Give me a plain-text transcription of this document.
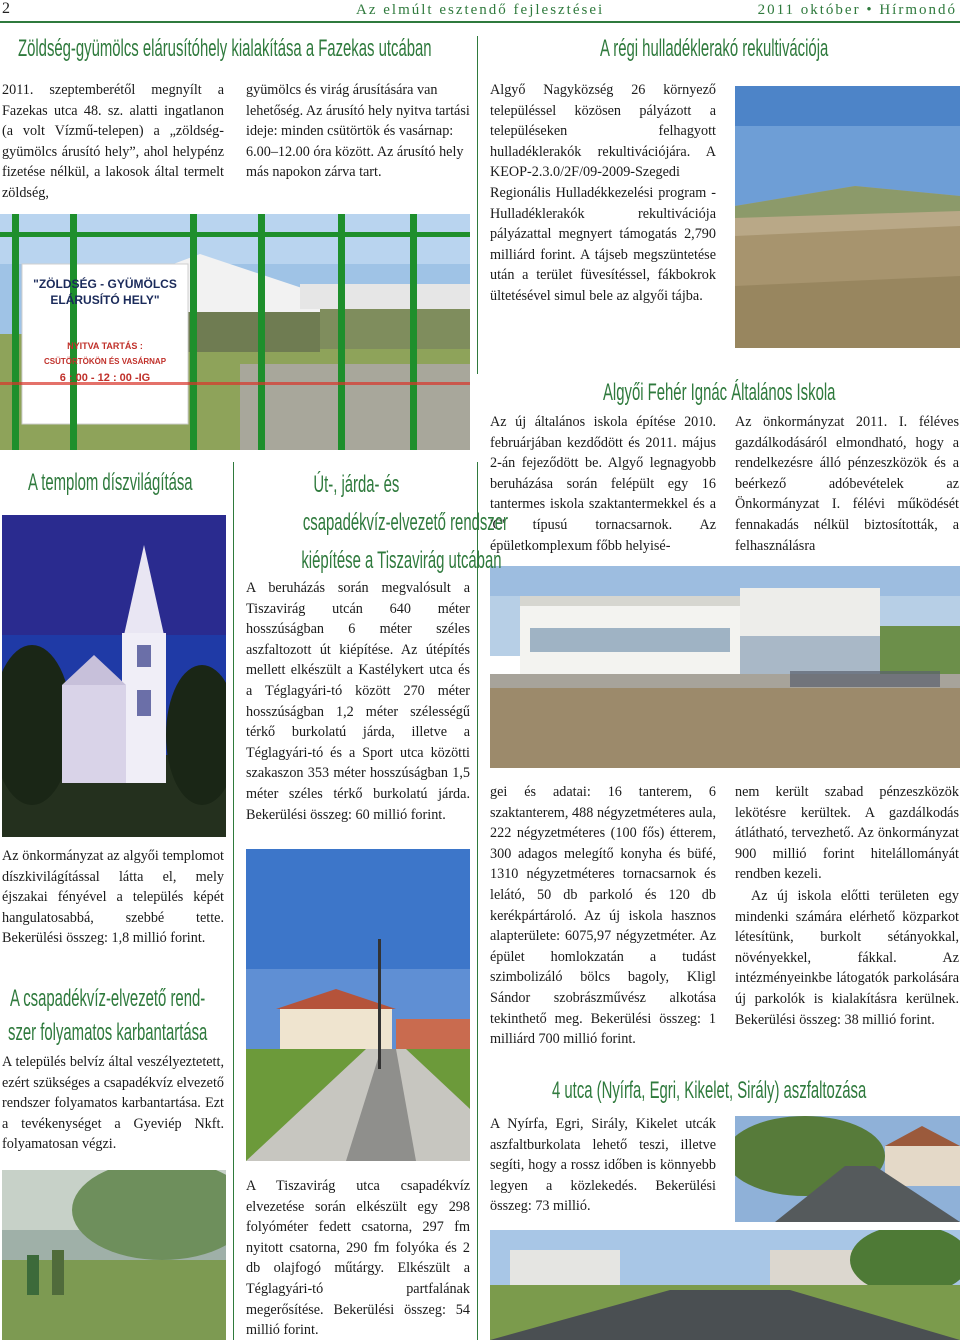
2	Az elmúlt esztendő fejlesztései	2011 október • Hírmondó
Zöldség-gyümölcs elárusítóhely kialakítása a Fazekas utcában

2011. szeptemberétől megnyílt a Fazekas utca 48. sz. alatti ingatlanon (a volt Vízmű-telepen) a „zöldség-gyümölcs árusító hely”, ahol helypénz fizetése nélkül, a lakosok által termelt zöldség,

gyümölcs és virág árusítására van lehetőség. Az árusító hely nyitva tartási ideje: minden csütörtök és vasárnap: 6.00–12.00 óra között. Az árusító hely más napokon zárva tart.

"ZÖLDSÉG - GYÜMÖLCS
ELÁRUSÍTÓ HELY"
NYITVA TARTÁS :
CSÜTÖRTÖKÖN ÉS VASÁRNAP
6 : 00 - 12 : 00 -IG
A régi hulladéklerakó rekultivációja

Algyő Nagyközség 26 környező településsel közösen pályázott a településeken felhagyott hulladéklerakók rekultivációjára. A KEOP-2.3.0/2F/09-2009-Szegedi Regionális Hulladékkezelési program - Hulladéklerakók rekultivációja pályázattal megnyert támogatás 2,790 milliárd forint. A tájseb megszüntetése után a terület füvesítéssel, fákbokrok ültetésével simul bele az algyői tájba.

Algyői Fehér Ignác Általános Iskola

Az új általános iskola építése 2010. februárjában kezdődött és 2011. május 2-án fejeződött be. Algyő legnagyobb beruházása során felépült egy 16 tantermes iskola szaktantermekkel és a 'C' típusú tornacsarnok. Az épületkomplexum főbb helyisé-

Az önkormányzat 2011. I. féléves gazdálkodásáról elmondható, hogy a rendelkezésre álló pénzeszközök és a beérkező adóbevételek az Önkormányzat I. félévi működését fennakadás nélkül biztosították, a felhasználásra

gei és adatai: 16 tanterem, 6 szaktanterem, 488 négyzetméteres aula, 222 négyzetméteres (100 fős) étterem, 300 adagos melegítő konyha és büfé, 1310 négyzetméteres tornacsarnok és lelátó, 50 db parkoló és 120 db kerékpártároló. Az új iskola hasznos alapterülete: 6075,97 négyzetméter. Az épület homlokzatán a tudást szimbolizáló bölcs bagoly, Kligl Sándor szobrászművész alkotása tekinthető meg. Bekerülési összeg: 1 milliárd 700 millió forint.

nem került szabad pénzeszközök lekötésre kerültek. A gazdálkodás átlátható, tervezhető. Az önkormányzat 900 millió forint hitelállományát rendben kezeli.

Az új iskola előtti területen egy mindenki számára elérhető közparkot létesítünk, burkolt sétányokkal, növényekkel, fákkal. Az intézményeinkbe látogatók parkolására új parkolók is kialakításra kerülnek. Bekerülési összeg: 38 millió forint.

A templom díszvilágítása

Az önkormányzat az algyői templomot díszkivilágítással látta el, mely éjszakai fényével a település képét hangulatosabbá, szebbé tette. Bekerülési összeg: 1,8 millió forint.

A csapadékvíz-elvezető rend-
szer folyamatos karbantartása

A település belvíz által veszélyeztetett, ezért szükséges a csapadékvíz elvezető rendszer folyamatos karbantartása. Ezt a tevékenységet a Gyeviép Nkft. folyamatosan végzi.

Út-, járda- és
csapadékvíz-elvezető rendszer
kiépítése a Tiszavirág utcában

A beruházás során megvalósult a Tiszavirág utcán 640 méter hosszúságban 6 méter széles aszfaltozott út kiépítése. Az útépítés mellett elkészült a Kastélykert utca és a Téglagyári-tó között 270 méter hosszúságban 1,2 méter szélességű térkő burkolatú járda, illetve a Téglagyári-tó és a Sport utca közötti szakaszon 353 méter hosszúságban 1,5 méter széles térkő burkolatú járda. Bekerülési összeg: 60 millió forint.

A Tiszavirág utca csapadékvíz elvezetése során elkészült egy 298 folyóméter fedett csatorna, 297 fm nyitott csatorna, 290 fm folyóka és 2 db olajfogó műtárgy. Elkészült a Téglagyári-tó partfalának megerősítése. Bekerülési összeg: 54 millió forint.

4 utca (Nyírfa, Egri, Kikelet, Sirály) aszfaltozása

A Nyírfa, Egri, Sirály, Kikelet utcák aszfaltburkolata lehető teszi, illetve segíti, hogy a rossz időben is könnyebb legyen a közlekedés. Bekerülési összeg: 73 millió.
